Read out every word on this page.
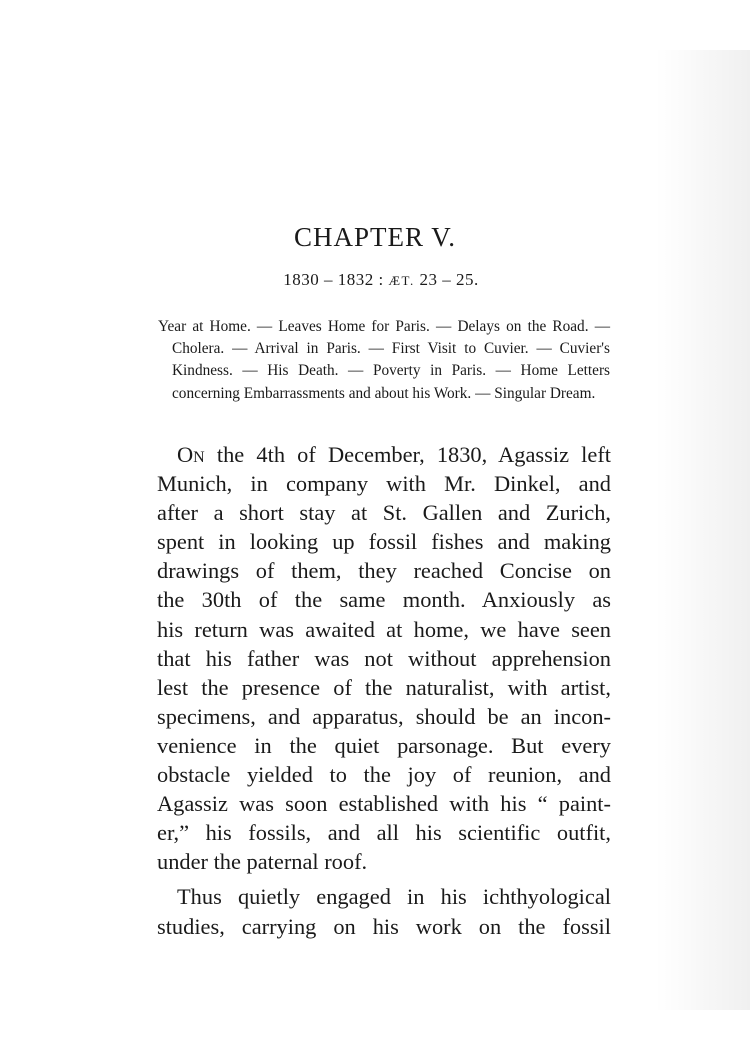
CHAPTER V.
1830 – 1832 : ÆT. 23 – 25.

Year at Home. — Leaves Home for Paris. — Delays on the Road. — Cholera. — Arrival in Paris. — First Visit to Cuvier. — Cuvier's Kindness. — His Death. — Poverty in Paris. — Home Letters concerning Embarrassments and about his Work. — Singular Dream.

On the 4th of December, 1830, Agassiz left
Munich, in company with Mr. Dinkel, and
after a short stay at St. Gallen and Zurich,
spent in looking up fossil fishes and making
drawings of them, they reached Concise on
the 30th of the same month. Anxiously as
his return was awaited at home, we have seen
that his father was not without apprehension
lest the presence of the naturalist, with artist,
specimens, and apparatus, should be an incon-
venience in the quiet parsonage. But every
obstacle yielded to the joy of reunion, and
Agassiz was soon established with his “ paint-
er,” his fossils, and all his scientific outfit,
under the paternal roof.
Thus quietly engaged in his ichthyological
studies, carrying on his work on the fossil
